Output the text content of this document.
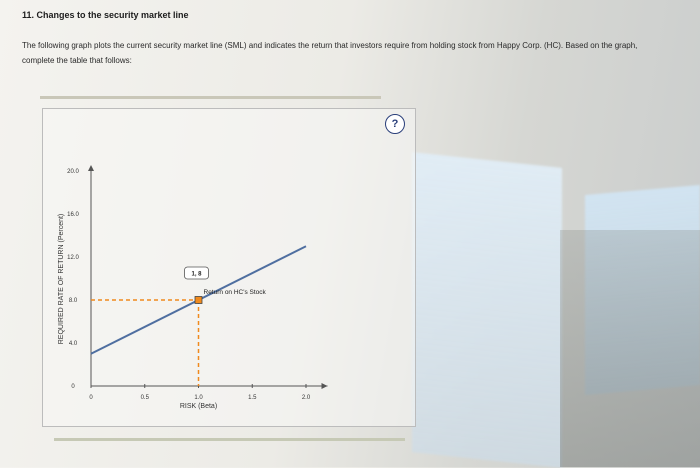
11. Changes to the security market line
The following graph plots the current security market line (SML) and indicates the return that investors require from holding stock from Happy Corp. (HC). Based on the graph, complete the table that follows:
0	0.5	1.0	1.5	2.0
0
4.0
8.0
12.0
16.0
20.0
RISK (Beta)
REQUIRED RATE OF RETURN (Percent)	1, 8
Return on HC's Stock
?
